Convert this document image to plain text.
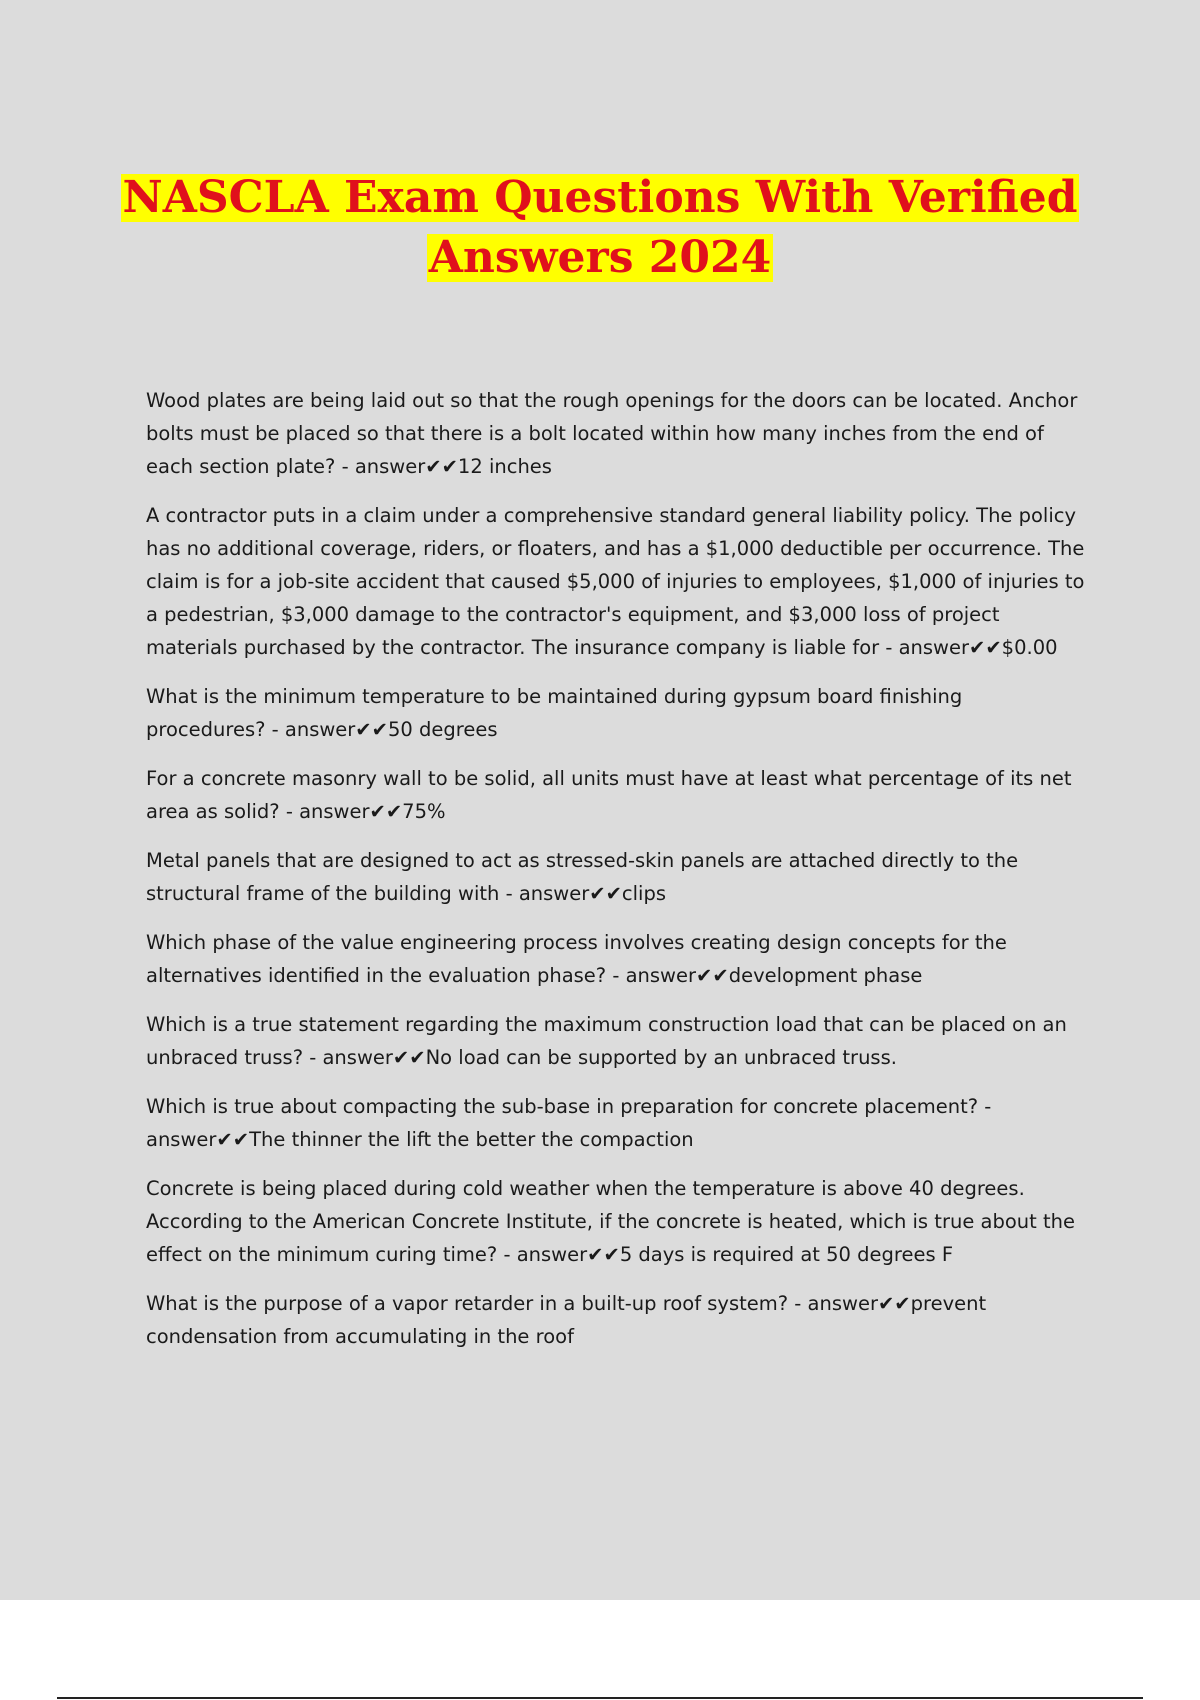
NASCLA Exam Questions With Verified
Answers 2024

Wood plates are being laid out so that the rough openings for the doors can be located. Anchor bolts must be placed so that there is a bolt located within how many inches from the end of each section plate? - answer✔✔12 inches

A contractor puts in a claim under a comprehensive standard general liability policy. The policy has no additional coverage, riders, or floaters, and has a $1,000 deductible per occurrence. The claim is for a job-site accident that caused $5,000 of injuries to employees, $1,000 of injuries to a pedestrian, $3,000 damage to the contractor's equipment, and $3,000 loss of project materials purchased by the contractor. The insurance company is liable for - answer✔✔$0.00

What is the minimum temperature to be maintained during gypsum board finishing procedures? - answer✔✔50 degrees

For a concrete masonry wall to be solid, all units must have at least what percentage of its net area as solid? - answer✔✔75%

Metal panels that are designed to act as stressed-skin panels are attached directly to the structural frame of the building with - answer✔✔clips

Which phase of the value engineering process involves creating design concepts for the alternatives identified in the evaluation phase? - answer✔✔development phase

Which is a true statement regarding the maximum construction load that can be placed on an unbraced truss? - answer✔✔No load can be supported by an unbraced truss.

Which is true about compacting the sub-base in preparation for concrete placement? - answer✔✔The thinner the lift the better the compaction

Concrete is being placed during cold weather when the temperature is above 40 degrees. According to the American Concrete Institute, if the concrete is heated, which is true about the effect on the minimum curing time? - answer✔✔5 days is required at 50 degrees F

What is the purpose of a vapor retarder in a built-up roof system? - answer✔✔prevent condensation from accumulating in the roof
